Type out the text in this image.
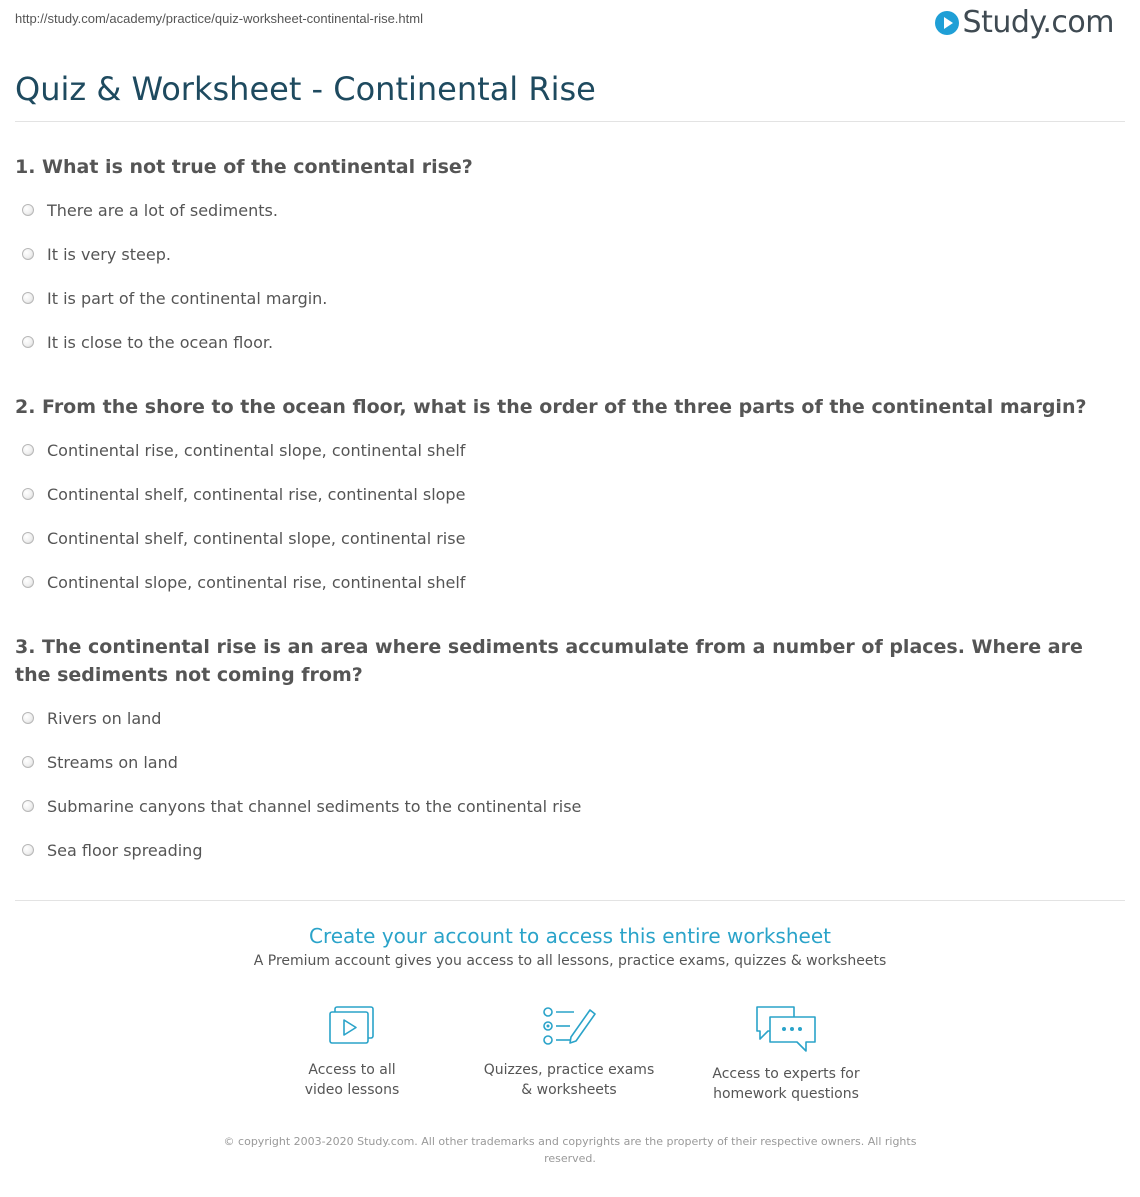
http://study.com/academy/practice/quiz-worksheet-continental-rise.html	Study.com
Quiz & Worksheet - Continental Rise
1. What is not true of the continental rise?
There are a lot of sediments.
It is very steep.
It is part of the continental margin.
It is close to the ocean floor.
2. From the shore to the ocean floor, what is the order of the three parts of the continental margin?
Continental rise, continental slope, continental shelf
Continental shelf, continental rise, continental slope
Continental shelf, continental slope, continental rise
Continental slope, continental rise, continental shelf
3. The continental rise is an area where sediments accumulate from a number of places. Where are the sediments not coming from?
Rivers on land
Streams on land
Submarine canyons that channel sediments to the continental rise
Sea floor spreading
Create your account to access this entire worksheet
A Premium account gives you access to all lessons, practice exams, quizzes & worksheets
Access to all
video lessons
Quizzes, practice exams
& worksheets
Access to experts for
homework questions
© copyright 2003-2020 Study.com. All other trademarks and copyrights are the property of their respective owners. All rights
reserved.
